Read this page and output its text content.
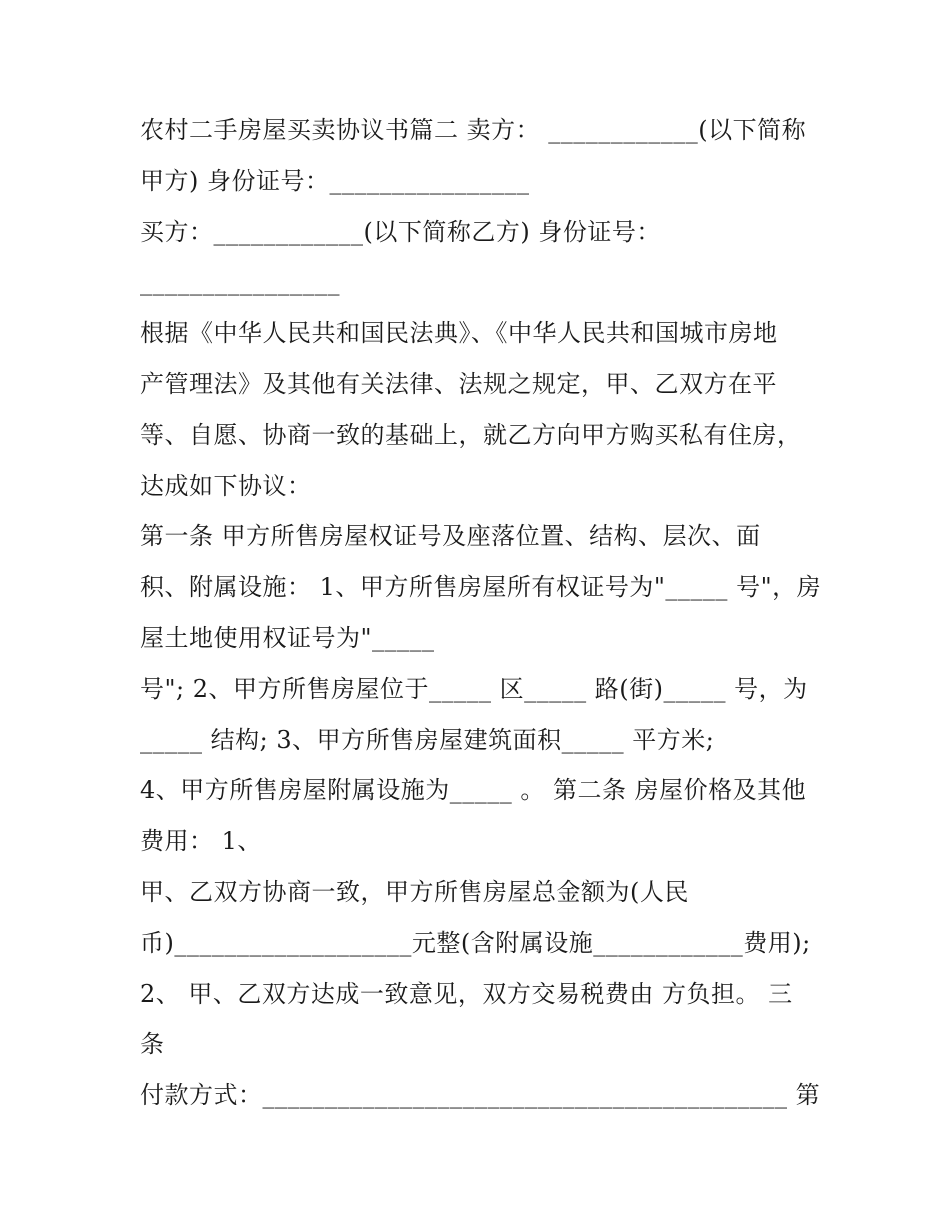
农村二手房屋买卖协议书篇二 卖方： ____________(以下简称
甲方) 身份证号：________________
买方：____________(以下简称乙方) 身份证号：
________________
根据《中华人民共和国民法典》、《中华人民共和国城市房地
产管理法》及其他有关法律、法规之规定，甲、乙双方在平
等、自愿、协商一致的基础上，就乙方向甲方购买私有住房，
达成如下协议：
第一条 甲方所售房屋权证号及座落位置、结构、层次、面
积、附属设施： 1、甲方所售房屋所有权证号为"_____ 号"，房
屋土地使用权证号为"_____
号"; 2、甲方所售房屋位于_____ 区_____ 路(街)_____ 号，为
_____ 结构; 3、甲方所售房屋建筑面积_____ 平方米;
4、甲方所售房屋附属设施为_____ 。 第二条 房屋价格及其他
费用： 1、
甲、乙双方协商一致，甲方所售房屋总金额为(人民
币)___________________元整(含附属设施____________费用);
2、 甲、乙双方达成一致意见，双方交易税费由 方负担。 三
条
付款方式：__________________________________________ 第
